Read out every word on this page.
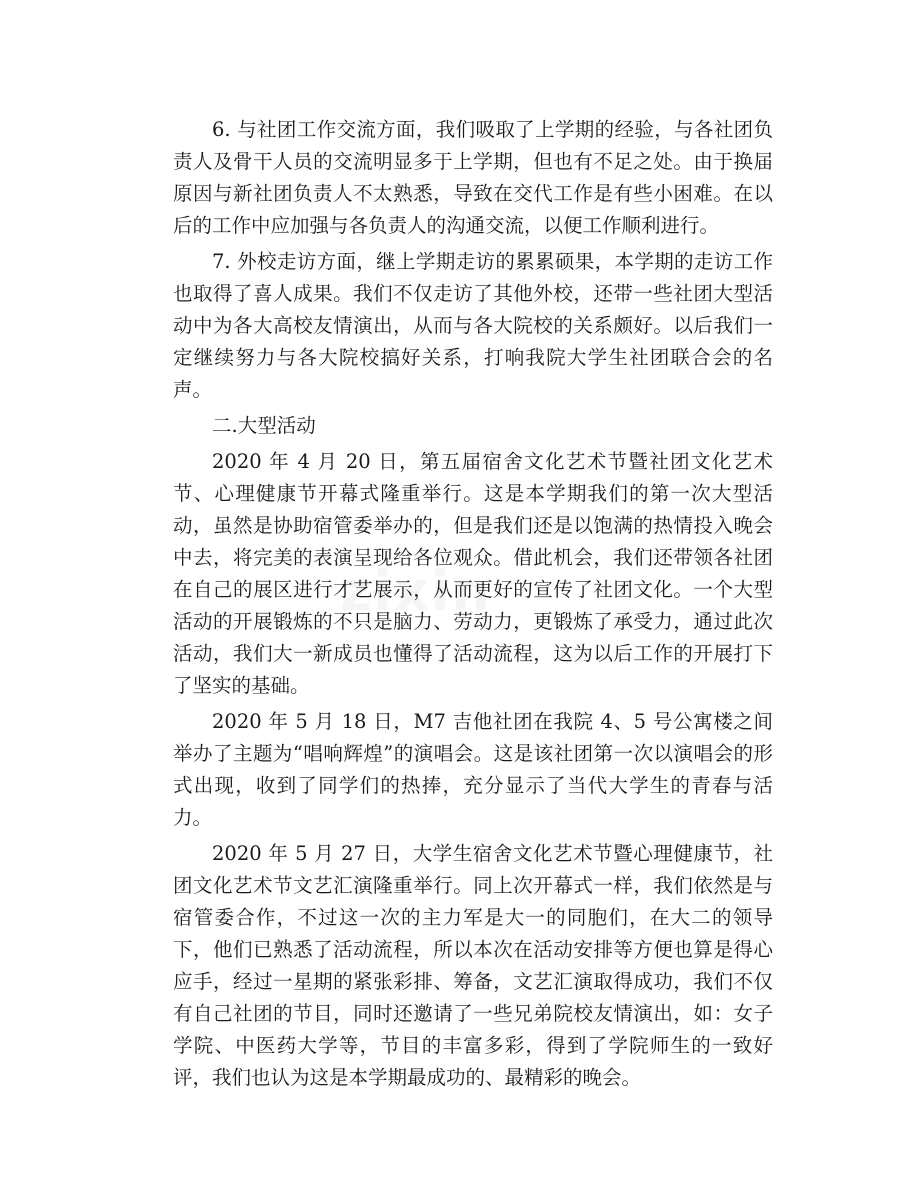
6. 与社团工作交流方面，我们吸取了上学期的经验，与各社团负责人及骨干人员的交流明显多于上学期，但也有不足之处。由于换届原因与新社团负责人不太熟悉，导致在交代工作是有些小困难。在以后的工作中应加强与各负责人的沟通交流，以便工作顺利进行。

7. 外校走访方面，继上学期走访的累累硕果，本学期的走访工作也取得了喜人成果。我们不仅走访了其他外校，还带一些社团大型活动中为各大高校友情演出，从而与各大院校的关系颇好。以后我们一定继续努力与各大院校搞好关系，打响我院大学生社团联合会的名声。

二.大型活动

2020 年 4 月 20 日，第五届宿舍文化艺术节暨社团文化艺术节、心理健康节开幕式隆重举行。这是本学期我们的第一次大型活动，虽然是协助宿管委举办的，但是我们还是以饱满的热情投入晚会中去，将完美的表演呈现给各位观众。借此机会，我们还带领各社团在自己的展区进行才艺展示，从而更好的宣传了社团文化。一个大型活动的开展锻炼的不只是脑力、劳动力，更锻炼了承受力，通过此次活动，我们大一新成员也懂得了活动流程，这为以后工作的开展打下了坚实的基础。

2020 年 5 月 18 日，M7 吉他社团在我院 4、5 号公寓楼之间举办了主题为“唱响辉煌”的演唱会。这是该社团第一次以演唱会的形式出现，收到了同学们的热捧，充分显示了当代大学生的青春与活力。

2020 年 5 月 27 日，大学生宿舍文化艺术节暨心理健康节，社团文化艺术节文艺汇演隆重举行。同上次开幕式一样，我们依然是与宿管委合作，不过这一次的主力军是大一的同胞们，在大二的领导下，他们已熟悉了活动流程，所以本次在活动安排等方便也算是得心应手，经过一星期的紧张彩排、筹备，文艺汇演取得成功，我们不仅有自己社团的节目，同时还邀请了一些兄弟院校友情演出，如：女子学院、中医药大学等，节目的丰富多彩，得到了学院师生的一致好评，我们也认为这是本学期最成功的、最精彩的晚会。
